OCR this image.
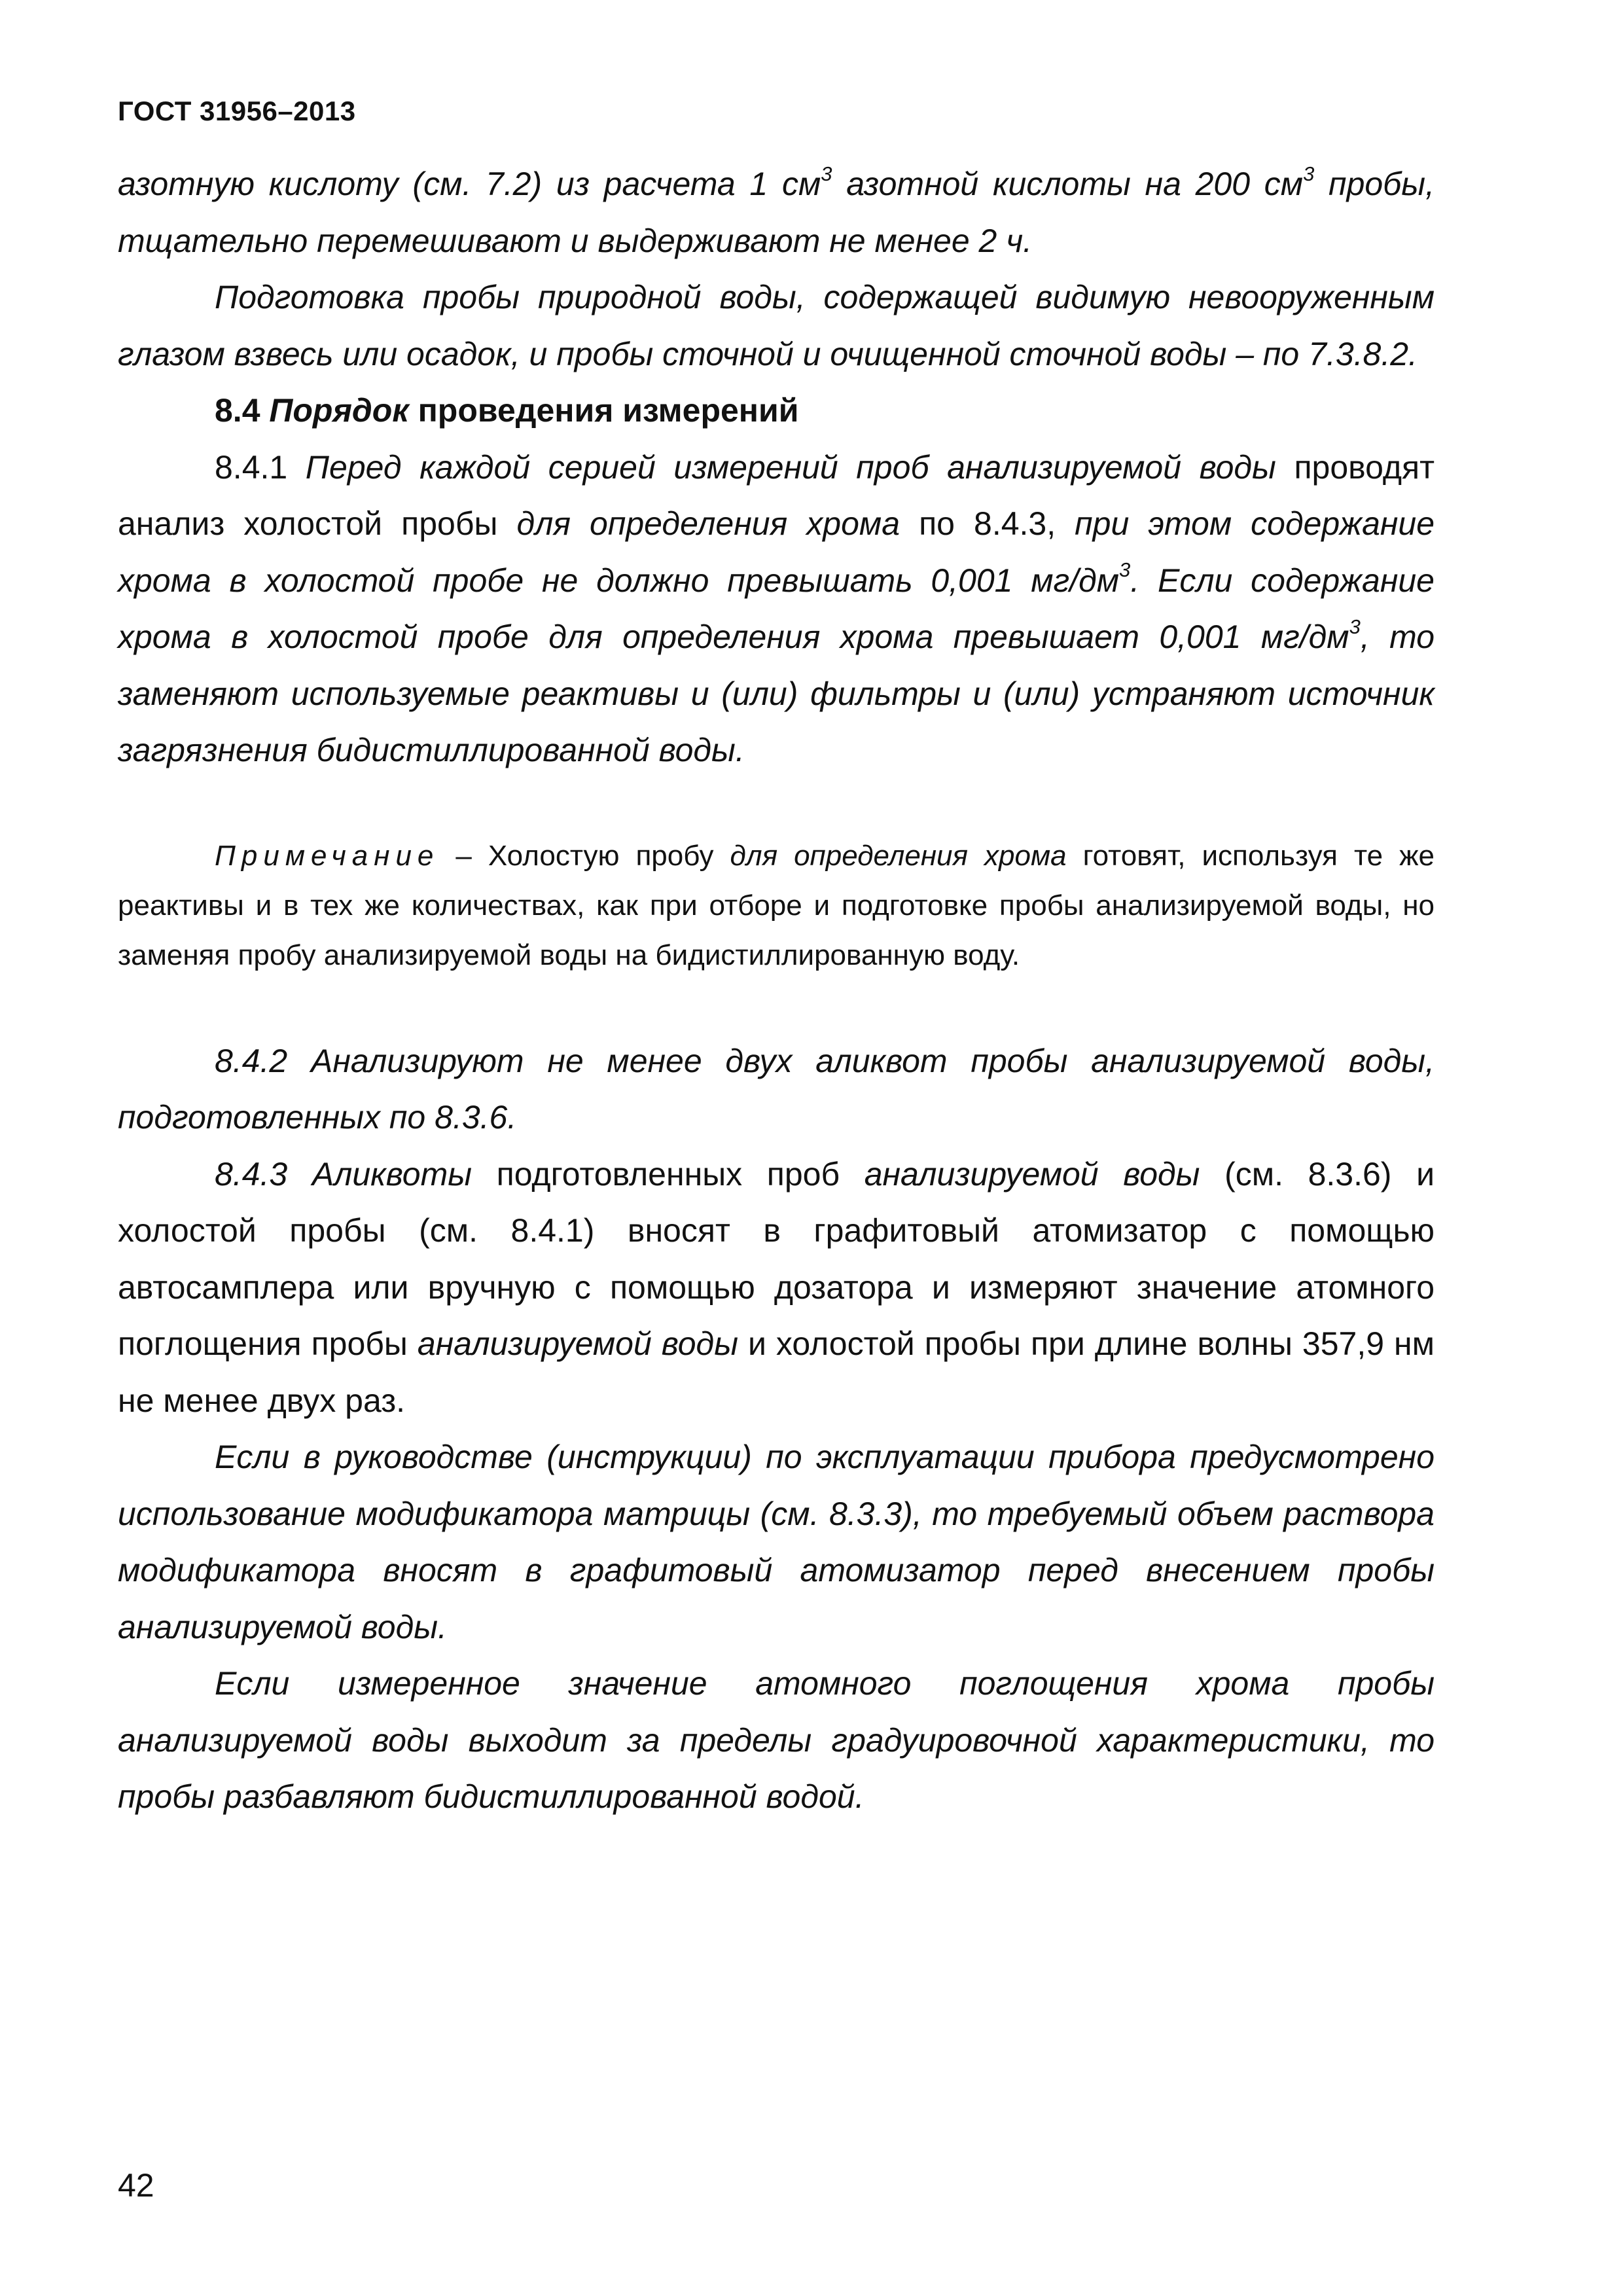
ГОСТ 31956–2013

азотную кислоту (см. 7.2) из расчета 1 $см^3$ азотной кислоты на 200 $см^3$ пробы, тщательно перемешивают и выдерживают не менее 2 ч.

Подготовка пробы природной воды, содержащей видимую невооруженным глазом взвесь или осадок, и пробы сточной и очищенной сточной воды – по 7.3.8.2.

8.4 Порядок проведения измерений

8.4.1 Перед каждой серией измерений проб анализируемой воды проводят анализ холостой пробы для определения хрома по 8.4.3, при этом содержание хрома в холостой пробе не должно превышать 0,001 $мг/дм^3$. Если содержание хрома в холостой пробе для определения хрома превышает 0,001 $мг/дм^3$, то заменяют используемые реактивы и (или) фильтры и (или) устраняют источник загрязнения бидистиллированной воды.

Примечание – Холостую пробу для определения хрома готовят, используя те же реактивы и в тех же количествах, как при отборе и подготовке пробы анализируемой воды, но заменяя пробу анализируемой воды на бидистиллированную воду.

8.4.2 Анализируют не менее двух аликвот пробы анализируемой воды, подготовленных по 8.3.6.

8.4.3 Аликвоты подготовленных проб анализируемой воды (см. 8.3.6) и холостой пробы (см. 8.4.1) вносят в графитовый атомизатор с помощью автосамплера или вручную с помощью дозатора и измеряют значение атомного поглощения пробы анализируемой воды и холостой пробы при длине волны 357,9 нм не менее двух раз.

Если в руководстве (инструкции) по эксплуатации прибора предусмотрено использование модификатора матрицы (см. 8.3.3), то требуемый объем раствора модификатора вносят в графитовый атомизатор перед внесением пробы анализируемой воды.

Если измеренное значение атомного поглощения хрома пробы анализируемой воды выходит за пределы градуировочной характеристики, то пробы разбавляют бидистиллированной водой.

42
